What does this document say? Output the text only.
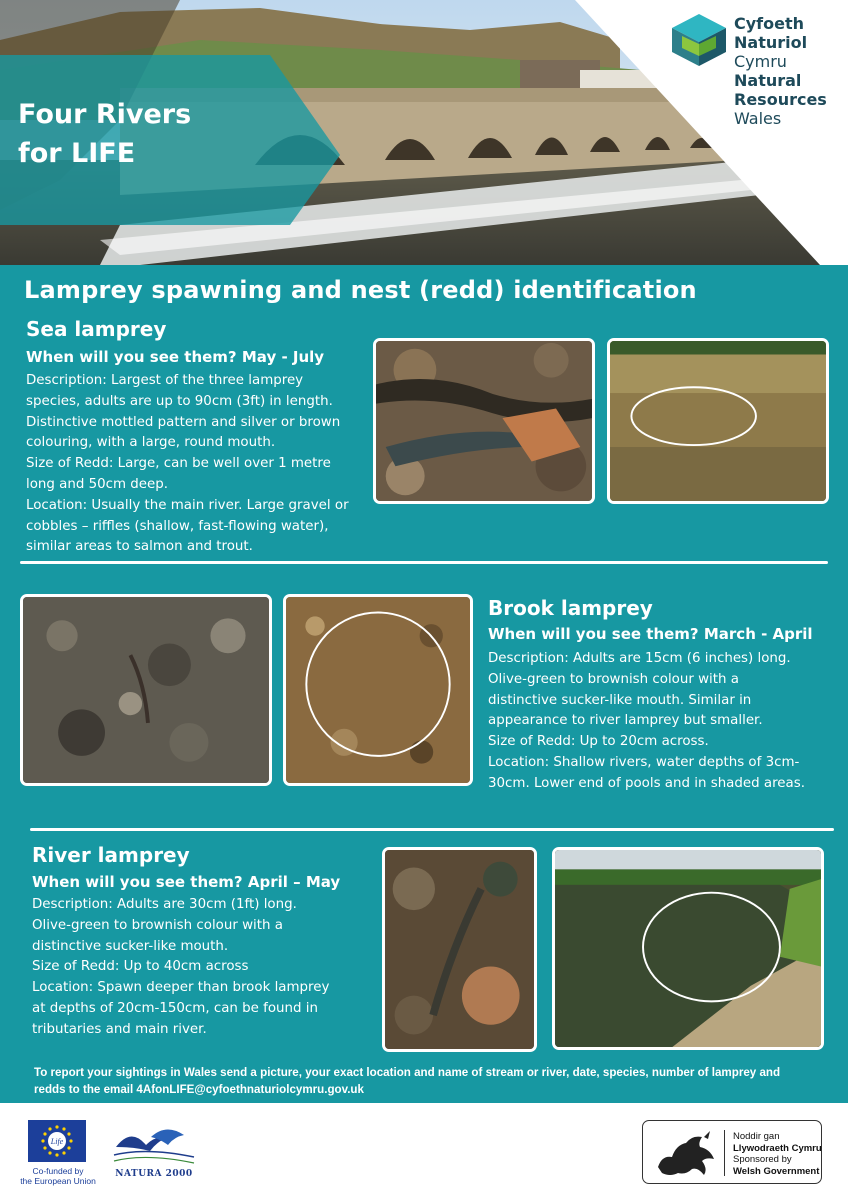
Four Rivers
for LIFE
Cyfoeth
Naturiol
Cymru
Natural
Resources
Wales
Lamprey spawning and nest (redd) identification
Sea lamprey
When will you see them? May - July

Description: Largest of the three lamprey

species, adults are up to 90cm (3ft) in length.

Distinctive mottled pattern and silver or brown

colouring, with a large, round mouth.

Size of Redd: Large, can be well over 1 metre

long and 50cm deep.

Location: Usually the main river. Large gravel or

cobbles – riffles (shallow, fast-flowing water),

similar areas to salmon and trout.

Brook lamprey
When will you see them? March - April

Description: Adults are 15cm (6 inches) long.

Olive-green to brownish colour with a

distinctive sucker-like mouth. Similar in

appearance to river lamprey but smaller.

Size of Redd: Up to 20cm across.

Location: Shallow rivers, water depths of 3cm-

30cm. Lower end of pools and in shaded areas.

River lamprey
When will you see them? April – May

Description: Adults are 30cm (1ft) long.

Olive-green to brownish colour with a

distinctive sucker-like mouth.

Size of Redd: Up to 40cm across

Location: Spawn deeper than brook lamprey

at depths of 20cm-150cm, can be found in

tributaries and main river.

To report your sightings in Wales send a picture, your exact location and name of stream or river, date, species, number of lamprey and
redds to the email 4AfonLIFE@cyfoethnaturiolcymru.gov.uk
Life
Co-funded by
the European Union
NATURA 2000
Noddir gan
Llywodraeth Cymru
Sponsored by
Welsh Government
